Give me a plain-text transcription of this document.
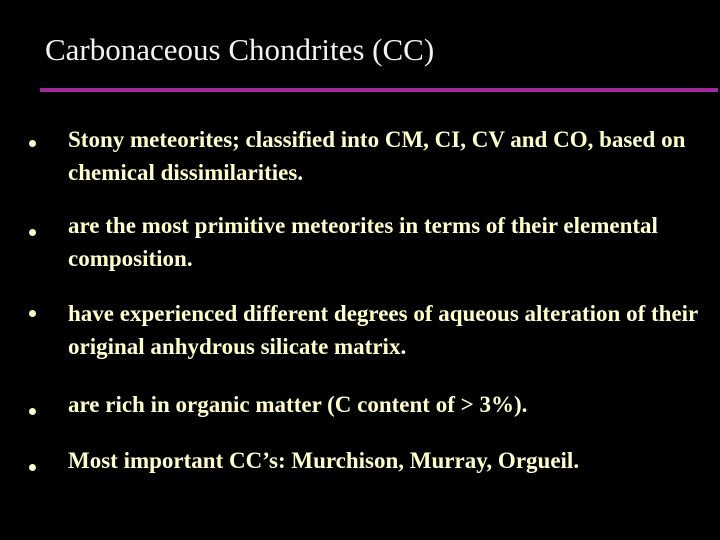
Carbonaceous Chondrites (CC)
Stony meteorites; classified into CM, CI, CV and CO, based on chemical dissimilarities.
are the most primitive meteorites in terms of their elemental composition.
have experienced different degrees of aqueous alteration of their original anhydrous silicate matrix.
are rich in organic matter (C content of > 3%).
Most important CC’s: Murchison, Murray, Orgueil.
